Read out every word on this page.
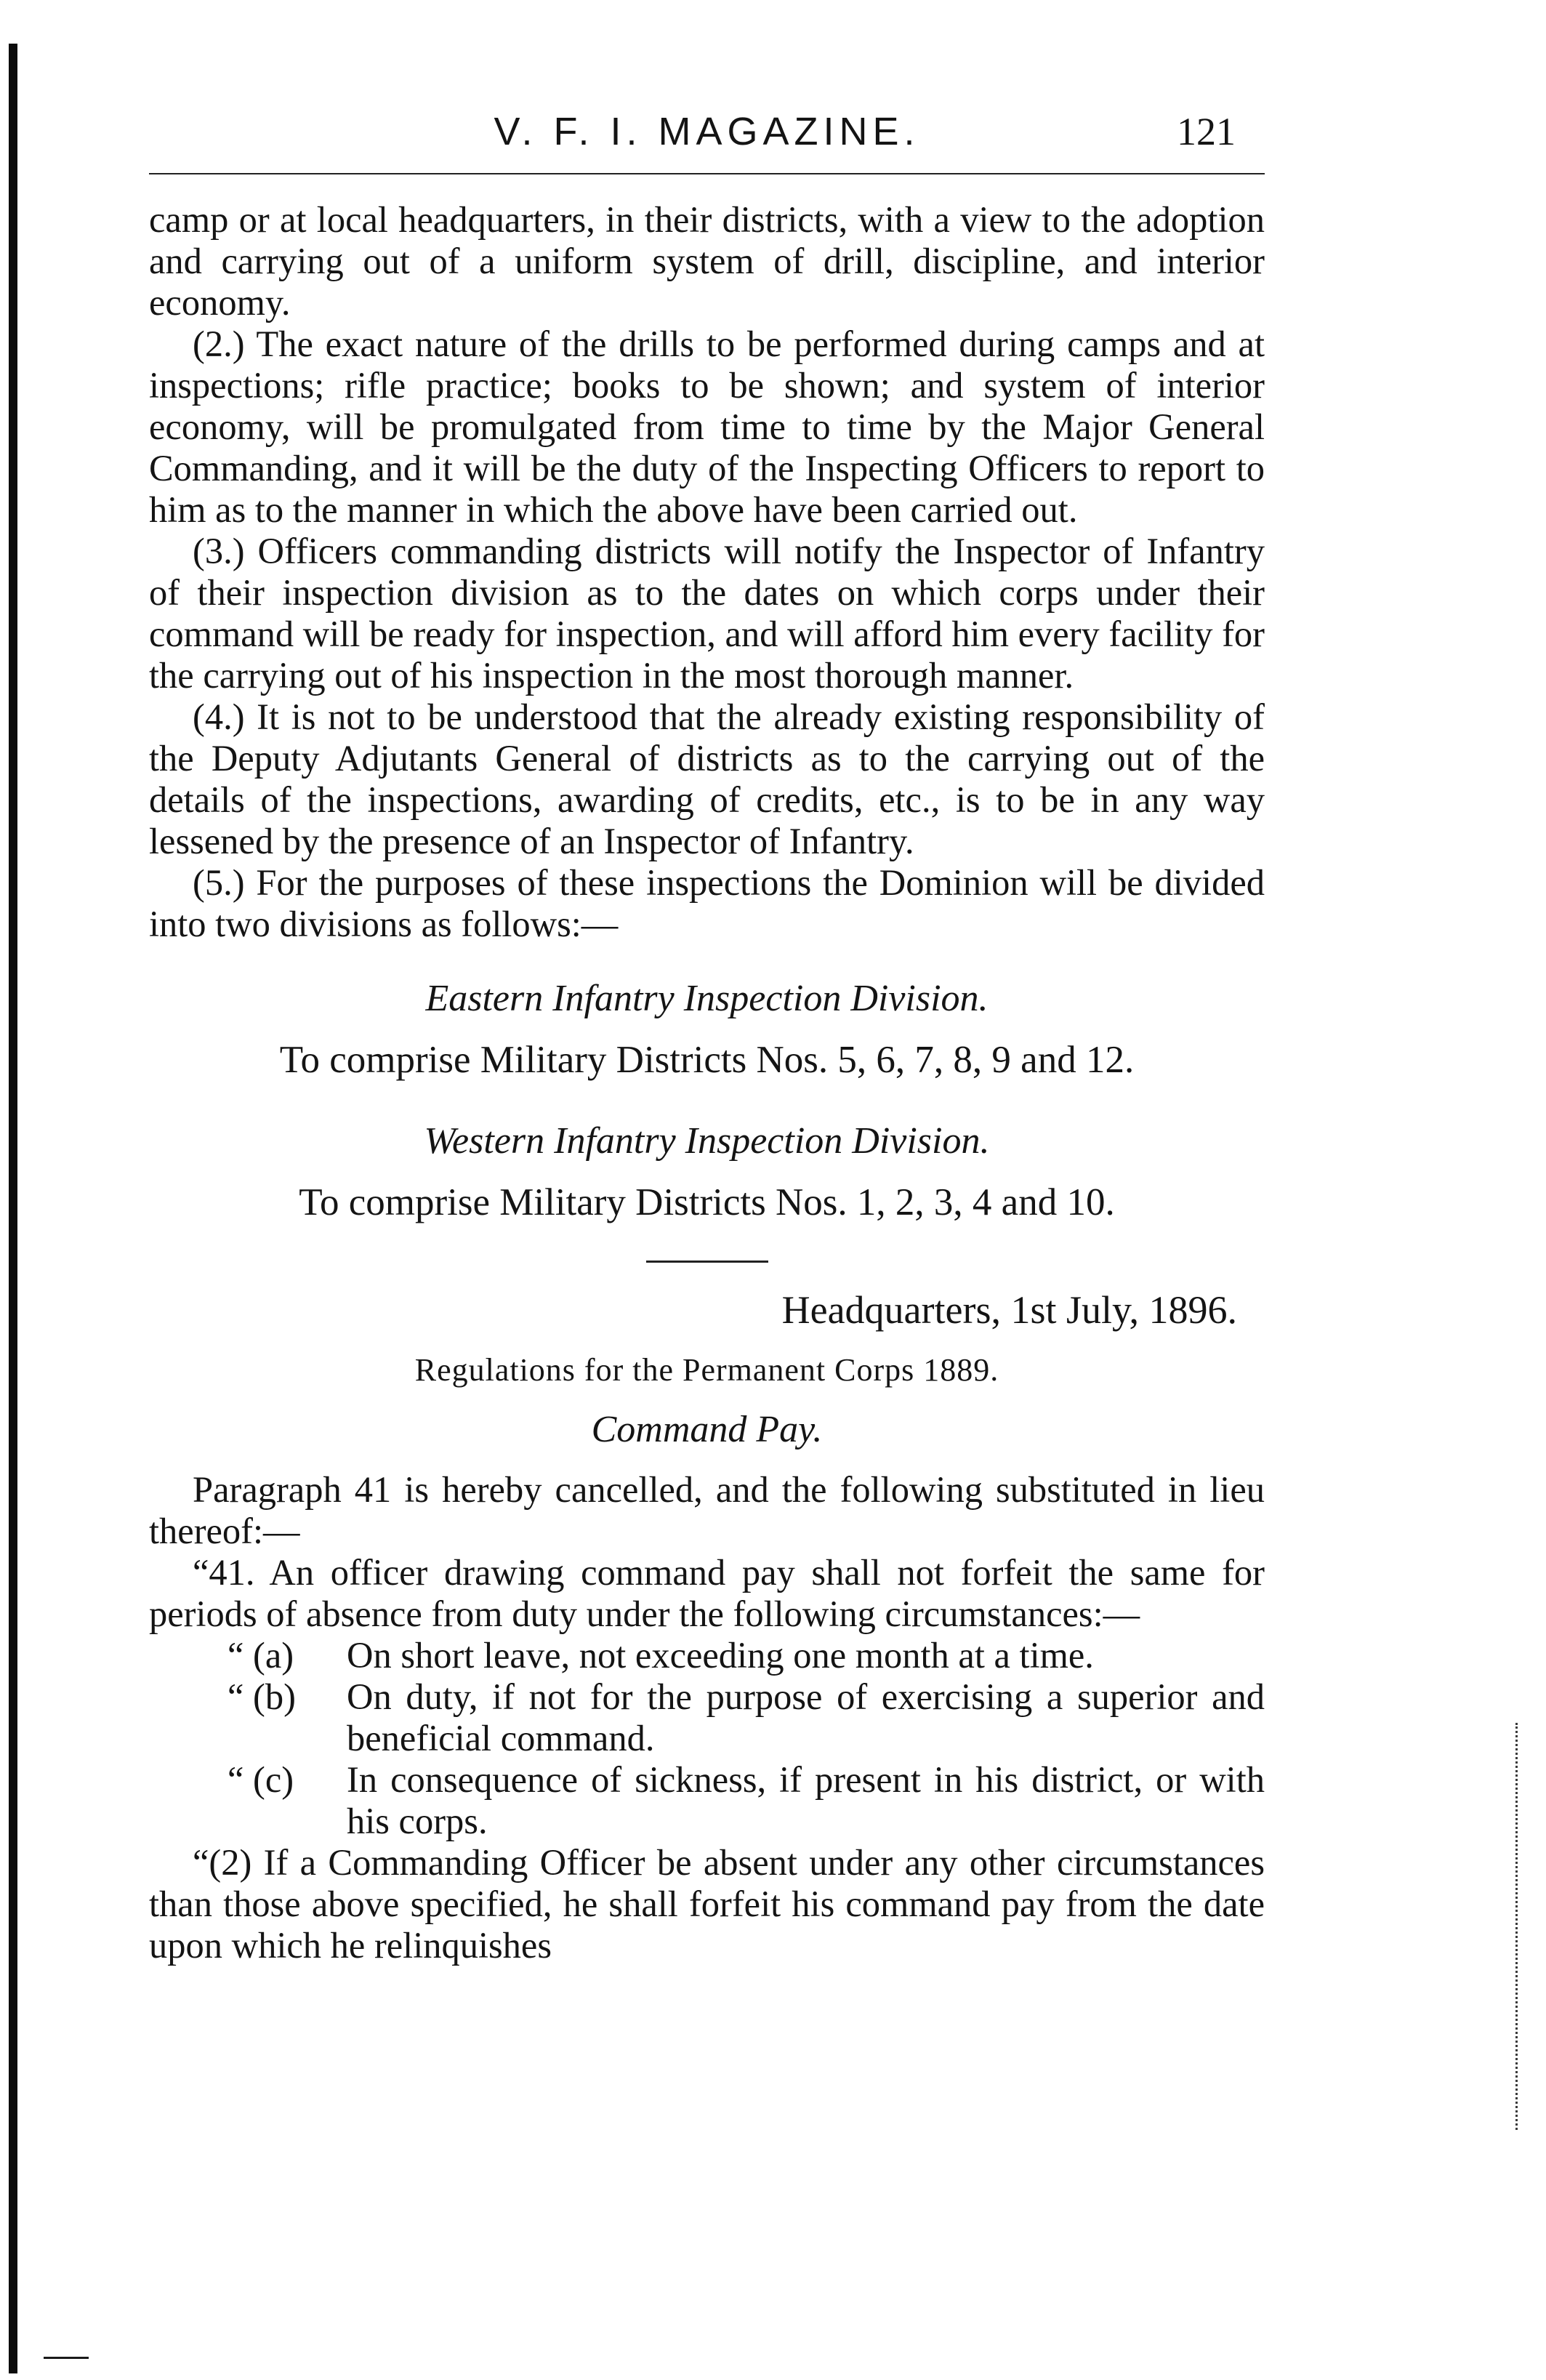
V. F. I. MAGAZINE.	121

camp or at local headquarters, in their districts, with a view to the adoption and carrying out of a uniform system of drill, discipline, and interior economy.

(2.) The exact nature of the drills to be performed during camps and at inspections; rifle practice; books to be shown; and system of interior economy, will be promulgated from time to time by the Major General Commanding, and it will be the duty of the Inspecting Officers to report to him as to the manner in which the above have been carried out.

(3.) Officers commanding districts will notify the Inspector of Infantry of their inspection division as to the dates on which corps under their command will be ready for inspection, and will afford him every facility for the carrying out of his inspection in the most thorough manner.

(4.) It is not to be understood that the already existing responsibility of the Deputy Adjutants General of districts as to the carrying out of the details of the inspections, awarding of credits, etc., is to be in any way lessened by the presence of an Inspector of Infantry.

(5.) For the purposes of these inspections the Dominion will be divided into two divisions as follows:—

Eastern Infantry Inspection Division.
To comprise Military Districts Nos. 5, 6, 7, 8, 9 and 12.
Western Infantry Inspection Division.
To comprise Military Districts Nos. 1, 2, 3, 4 and 10.
Headquarters, 1st July, 1896.
Regulations for the Permanent Corps 1889.
Command Pay.

Paragraph 41 is hereby cancelled, and the following substituted in lieu thereof:—

“41. An officer drawing command pay shall not forfeit the same for periods of absence from duty under the following circumstances:—

“ (a)	On short leave, not exceeding one month at a time.
“ (b)	On duty, if not for the purpose of exercising a superior and beneficial command.
“ (c)	In consequence of sickness, if present in his district, or with his corps.

“(2) If a Commanding Officer be absent under any other circumstances than those above specified, he shall forfeit his command pay from the date upon which he relinquishes
